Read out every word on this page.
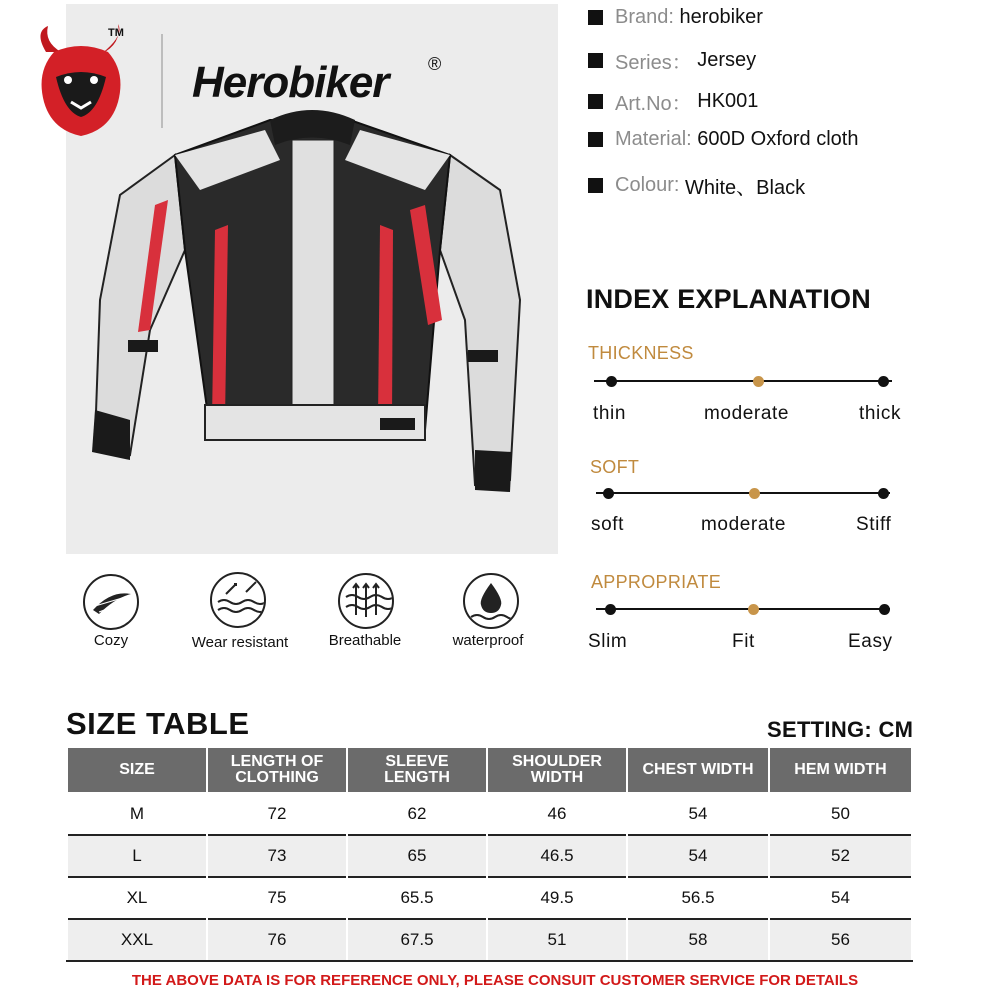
TM
Herobiker ®
Brand:
herobiker
Series：
Jersey
Art.No：
HK001
Material:
600D Oxford cloth
Colour:
White、Black
INDEX EXPLANATION
THICKNESS
thin	moderate	thick
SOFT
soft	moderate	Stiff
APPROPRIATE
Slim	Fit	Easy
Cozy	Wear resistant	Breathable	waterproof
SIZE TABLE	SETTING: CM
SIZE	LENGTH OF CLOTHING	SLEEVE LENGTH	SHOULDER WIDTH	CHEST WIDTH	HEM WIDTH
M	72	62	46	54	50
L	73	65	46.5	54	52
XL	75	65.5	49.5	56.5	54
XXL	76	67.5	51	58	56
THE ABOVE DATA IS FOR REFERENCE ONLY, PLEASE CONSUIT CUSTOMER SERVICE FOR DETAILS
